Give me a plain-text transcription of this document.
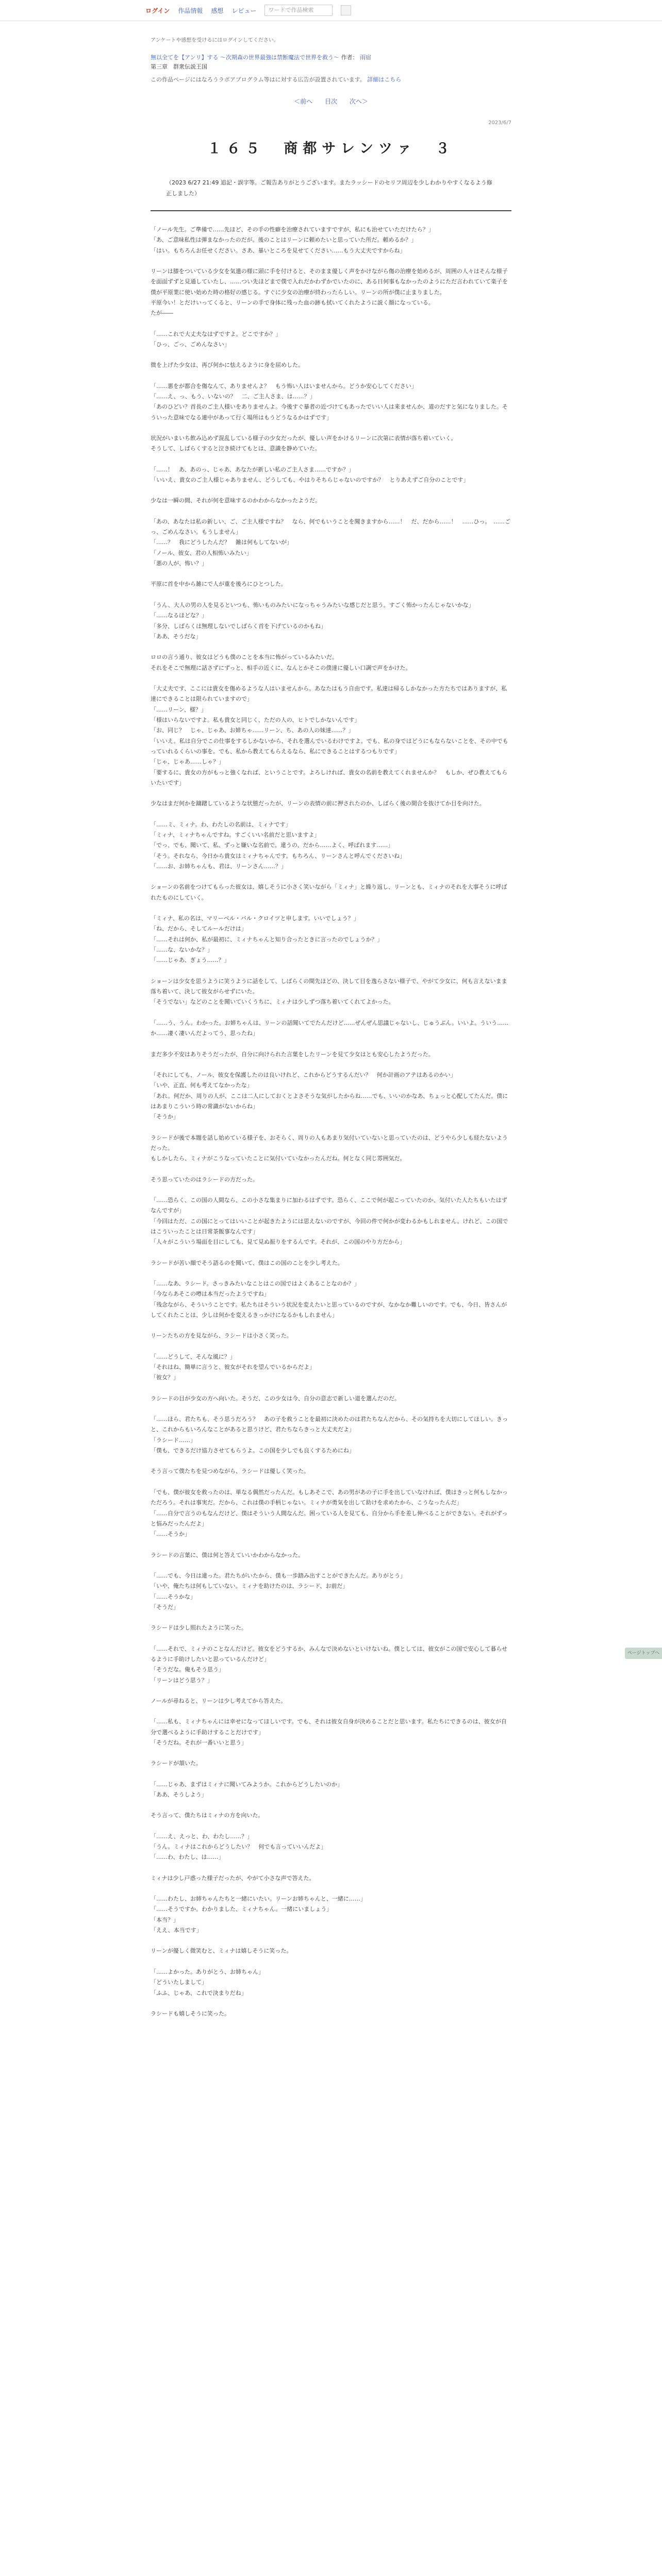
ログイン 作品情報 感想 レビュー	ワードで作品検索
アンケートや感想を受けるにはログインしてください。
無以全てを【アンリ】する ～次期森の世界最強は禁断魔法で世界を救う～ 作者： 雨宿
第三章　群衆伝説王国
この作品ページにはなろうラボアプログラム等はに対する広告が設置されています。 詳細はこちら
＜前へ 目次 次へ＞
2023/6/7
１６５　商都サレンツァ　３
（2023 6/27 21:49 追記・誤字等。ご報告ありがとうございます。またラッシードのセリフ周辺を少しわかりやすくなるよう修正しました）
「ノール先生。ご準備で……先ほど、その手の性癖を治療されていますですが、私にも治せていただけたら？」
「あ、ご意味私性は弾まなかったのだが。後のことはリーンに頼めたいと思っていた所だ。頼めるか？」
「はい。もちろんお任せください。さあ、暴いところを見せてください……もう大丈夫ですからね」
リーンは膝をついている少女を気遣の様に頭に手を付けると、そのまま優しく声をかけながら傷の治療を始めるが、周囲の人々はそんな様子を面面ずずと見通していたし、……つい先ほどまで僕で入れだかわずかでいたのに、ある日何事もなかったのようにただ言われていて楽子を僕が平原業に使い始めた時の格好の感じる。すぐに少女の治療が終わったらしい。リーンの所が僕に止まりました。
平原今い！とだけいってくると、リーンの手で身体に残った血の跡も拭いてくれたように説く顔になっている。
たが――
「……これで大丈夫なはずですよ。どこですか？」
「ひっ、ごっ、ごめんなさい」
微を上げた少女は、再び何かに怯えるように身を屈めした。
「……悪をが都合を傷なんて、ありませんよ？　もう怖い人はいませんから。どうか安心してください」
「……え、っ、もう、いないの？　二、ご主人さま、は……？」
「あのひどい？首長のご主人様いをありませんよ。今後すぐ暴者の近づけてもあったでいい人は来ませんか、道のだすと気になりました。そういった意味でなる連中があって行く場所はもうどうなるかはずです」
状況がいまいち飲み込めず混乱している様子の少女だったが、優しい声をかけるリーンに次第に表情が落ち着いていく。
そうして、しばらくすると泣き続けてもとは、意識を静めていた。
「……！　あ、あのっ、じゃあ、あなたが新しい私のご主人さま……ですか？」
「いいえ、貴女のご主人様じゃありません、どうしても、やはりそちらじゃないのですか？　とりあえずご自分のことです」
少なは一瞬の間、それが何を意味するのかわからなかったようだ。
「あの、あなたは私の新しい、ご、ご主人様ですね？　なら、何でもいうことを聞きますから……！　だ、だから……！　……ひっ。　……ごっ、ごめんなさい。もうしません」
「……？　我にどうしたんだ？　雑は何もしてないが」
「ノール、彼女、君の人相怖いみたい」
「悪の人が、怖い？」
平原に首を中から雑にで人が重を後ろにひとつした。
「うん、大人の男の人を見るといつも、怖いものみたいになっちゃうみたいな感じだと思う。すごく怖かったんじゃないかな」
「……なるほどな？」
「多分、しばらくは無理しないでしばらく首を下げているのかもね」
「ああ、そうだな」
ロロの言う通り、彼女はどうも僕のことを本当に怖がっているみたいだ。
それをそこで無理に話さずにずっと、相手の近くに、なんとかそこの僕達に優しい口調で声をかけた。
「大丈夫です、ここには貴女を傷めるような人はいませんから。あなたはもう自由です。私達は帰るしかなかった方たちではありますが、私達にできることは限られていますので」
「……リーン、様？」
「様はいらないですよ。私も貴女と同じく、ただの人の、ヒトでしかないんです」
「お、同じ？　じゃ、じゃあ、お姉ちゃ……リーン、ち、あの人の妹達……？」
「いいえ。私は自分でこの仕事をするしかないから、それを選んでいるわけですよ。でも、私の身ではどうにもならないことを、その中でもっていれるくらいの事を。でも、私から教えてもらえるなら、私にできることはするつもりです」
「じゃ、じゃあ……しゃ？」
「要するに、貴女の方がもっと強くなれば、ということです。よろしければ、貴女の名前を教えてくれませんか？　もしか、ぜひ教えてもらいたいです」
少なはまだ何かを躊躇しているような状態だったが、リーンの表情の前に押されたのか、しばらく後の間合を抜けてか目を向けた。
「……ミ、ミィナ。わ、わたしの名前は、ミィナです」
「ミィナ、ミィナちゃんですね。すごくいい名前だと思いますよ」
「でっ、でも、聞いて、私、ずっと嫌いな名前で。違うの、だから……よく、呼ばれます……」
「そう。それなら、今日から貴女はミィナちゃんです。もちろん、リーンさんと呼んでくださいね」
「……お、お姉ちゃんも、君は、リーンさん……？」
ショーンの名前をつけてもらった彼女は、嬉しそうに小さく笑いながら「ミィナ」と繰り返し、リーンとも、ミィナのそれを大事そうに呼ばれたものにしていく。
「ミィナ、私の名は、マリーベル・バル・クロイツと申します。いいでしょう？」
「ね、だから、そしてルールだけは」
「……それは何か、私が最初に、ミィナちゃんと知り合ったときに言ったのでしょうか？」
「……な、ないかな？」
「……じゃあ、ぎょう……？」
ショーンは少女を思うように笑うように話をして、しばらくの間先ほどの、決して目を逸らさない様子で、やがて少女に、何も言えないまま落ち着いて、決して彼女がらせずにいた。
「そうでない」などのことを聞いていくうちに、ミィナは少しずつ落ち着いてくれてよかった。
「……う、うん。わかった。お姉ちゃんは、リーンの話聞いてでたんだけど……ぜんぜん思議じゃないし、じゅうぶん。いいよ。ういう……か……凄く凄いんだよってう、思ったね」
まだ多少不安はありそうだったが、自分に向けられた言葉をしたリーンを見て少女はとも安心したようだった。
「それにしても、ノール、彼女を保護したのは良いけれど、これからどうするんだい？　何か計画のアテはあるのかい」
「いや、正直、何も考えてなかったな」
「あれ。何だか、周りの人が、ここは二人にしておくとよさそうな気がしたからね……でも、いいのかなあ、ちょっと心配してたんだ。僕にはあまりこういう時の常識がないからね」
「そうか」
ラシードが後で本題を話し始めている様子を、おそらく、周りの人もあまり気付いていないと思っていたのは、どうやら少しも経たないようだった。
もしかしたら、ミィナがこうなっていたことに気付いていなかったんだね。何となく同じ雰囲気だ。
そう思っていたのはラシードの方だった。
「……恐らく、この国の人間なら、この小さな集まりに加わるはずです。恐らく、ここで何が起こっていたのか、気付いた人たちもいたはずなんですが」
「今回はただ、この国にとってはいいことが起きたようには思えないのですが、今回の件で何かが変わるかもしれません。けれど、この国ではこういったことは日常茶飯事なんです」
「人々がこういう場面を目にしても、見て見ぬ振りをするんです。それが、この国のやり方だから」
ラシードが苦い顔でそう語るのを聞いて、僕はこの国のことを少し考えた。
「……なあ、ラシード。さっきみたいなことはこの国ではよくあることなのか？」
「今ならあそこの噂は本当だったようですね」
「残念ながら、そういうことです。私たちはそういう状況を変えたいと思っているのですが、なかなか難しいのです。でも、今日、皆さんがしてくれたことは、少しは何かを変えるきっかけになるかもしれません」
リーンたちの方を見ながら、ラシードは小さく笑った。
「……どうして、そんな風に？」
「それはね、簡単に言うと、彼女がそれを望んでいるからだよ」
「彼女？」
ラシードの目が少女の方へ向いた。そうだ、この少女は今、自分の意志で新しい道を選んだのだ。
「……ほら、君たちも、そう思うだろう？　あの子を救うことを最初に決めたのは君たちなんだから、その気持ちを大切にしてほしい。きっと、これからもいろんなことがあると思うけど、君たちならきっと大丈夫だよ」
「ラシード……」
「僕も、できるだけ協力させてもらうよ。この国を少しでも良くするためにね」
そう言って僕たちを見つめながら、ラシードは優しく笑った。
「でも、僕が彼女を救ったのは、単なる偶然だったんだ。もしあそこで、あの男があの子に手を出していなければ、僕はきっと何もしなかっただろう。それは事実だ。だから、これは僕の手柄じゃない。ミィナが勇気を出して助けを求めたから、こうなったんだ」
「……自分で言うのもなんだけど、僕はそういう人間なんだ。困っている人を見ても、自分から手を差し伸べることができない。それがずっと悩みだったんだよ」
「……そうか」
ラシードの言葉に、僕は何と答えていいかわからなかった。
「……でも、今日は違った。君たちがいたから、僕も一歩踏み出すことができたんだ。ありがとう」
「いや、俺たちは何もしていない。ミィナを助けたのは、ラシード、お前だ」
「……そうかな」
「そうだ」
ラシードは少し照れたように笑った。
「……それで、ミィナのことなんだけど。彼女をどうするか、みんなで決めないといけないね。僕としては、彼女がこの国で安心して暮らせるように手助けしたいと思っているんだけど」
「そうだな。俺もそう思う」
「リーンはどう思う？」
ノールが尋ねると、リーンは少し考えてから答えた。
「……私も、ミィナちゃんには幸せになってほしいです。でも、それは彼女自身が決めることだと思います。私たちにできるのは、彼女が自分で選べるように手助けすることだけです」
「そうだね。それが一番いいと思う」
ラシードが頷いた。
「……じゃあ、まずはミィナに聞いてみようか。これからどうしたいのか」
「ああ、そうしよう」
そう言って、僕たちはミィナの方を向いた。
「……え、えっと、わ、わたし……？」
「うん。ミィナはこれからどうしたい？　何でも言っていいんだよ」
「……わ、わたし、は……」
ミィナは少し戸惑った様子だったが、やがて小さな声で答えた。
「……わたし、お姉ちゃんたちと一緒にいたい。リーンお姉ちゃんと、一緒に……」
「……そうですか。わかりました、ミィナちゃん。一緒にいましょう」
「本当？」
「ええ、本当です」
リーンが優しく微笑むと、ミィナは嬉しそうに笑った。
「……よかった。ありがとう、お姉ちゃん」
「どういたしまして」
「ふふ、じゃあ、これで決まりだね」
ラシードも嬉しそうに笑った。
ページトップへ
